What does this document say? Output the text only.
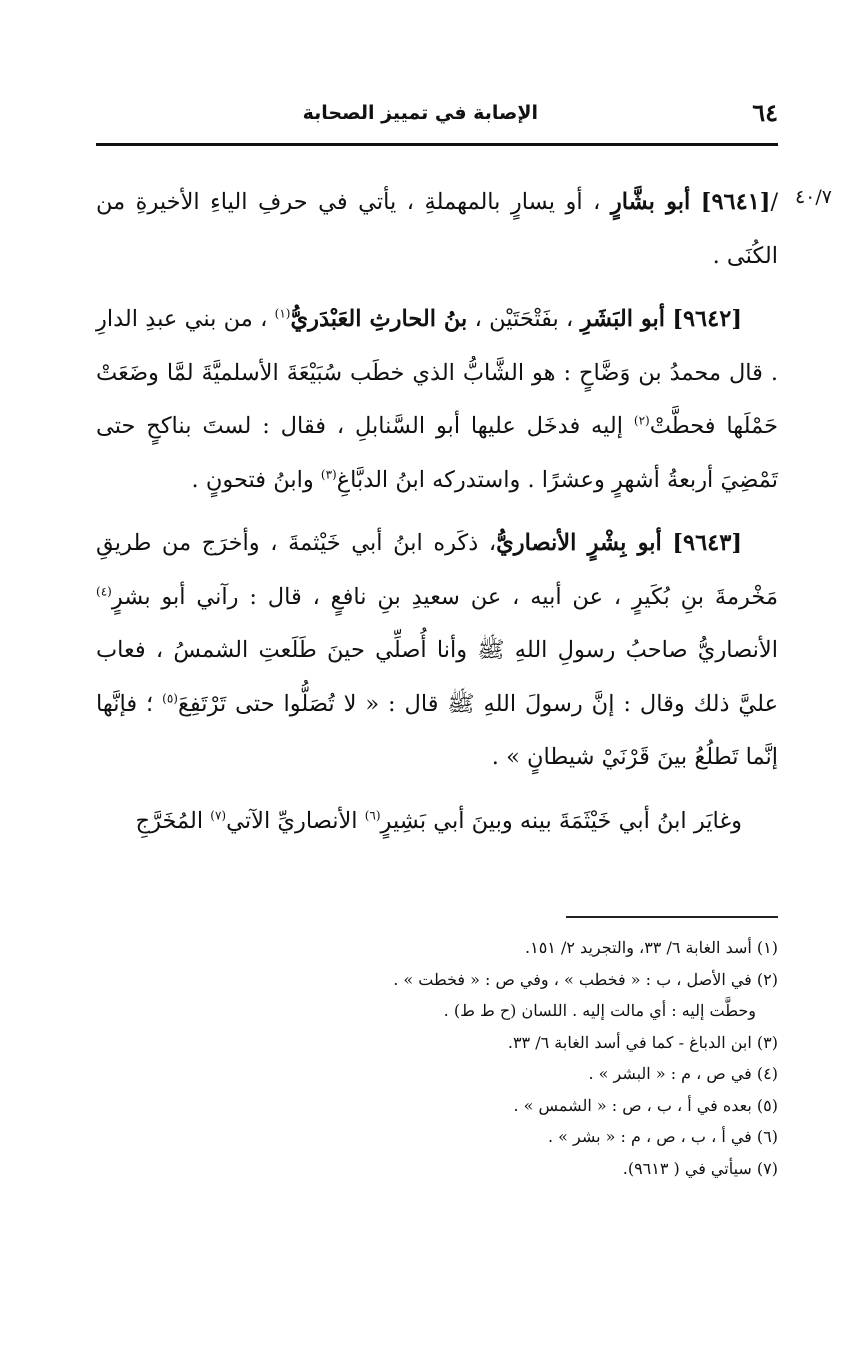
الإصابة في تمييز الصحابة	٦٤
٤٠/٧

/[٩٦٤١] أبو بشَّارٍ ، أو يسارٍ بالمهملةِ ، يأتي في حرفِ الياءِ الأخيرةِ من الكُنَى .

[٩٦٤٢] أبو البَشَرِ ، بفَتْحَتَيْن ، بنُ الحارثِ العَبْدَريُّ$^{(١)}$ ، من بني عبدِ الدارِ . قال محمدُ بن وَضَّاحٍ : هو الشَّابُّ الذي خطَب سُبَيْعَةَ الأسلميَّةَ لمَّا وضَعَتْ حَمْلَها فحطَّتْ$^{(٢)}$ إليه فدخَل عليها أبو السَّنابلِ ، فقال : لستَ بناكحٍ حتى تَمْضِيَ أربعةُ أشهرٍ وعشرًا . واستدركه ابنُ الدبَّاغِ$^{(٣)}$ وابنُ فتحونٍ .

[٩٦٤٣] أبو بِشْرٍ الأنصاريُّ، ذكَره ابنُ أبي خَيْثمةَ ، وأخرَج من طريقِ مَخْرمةَ بنِ بُكَيرٍ ، عن أبيه ، عن سعيدِ بنِ نافعٍ ، قال : رآني أبو بشرٍ$^{(٤)}$ الأنصاريُّ صاحبُ رسولِ اللهِ ﷺ وأنا أُصلِّي حينَ طَلَعتِ الشمسُ ، فعاب عليَّ ذلك وقال : إنَّ رسولَ اللهِ ﷺ قال : « لا تُصَلُّوا حتى تَرْتَفِعَ$^{(٥)}$ ؛ فإنَّها إنَّما تَطلُعُ بينَ قَرْنَيْ شيطانٍ » .

وغايَر ابنُ أبي خَيْثَمَةَ بينه وبينَ أبي بَشِيرٍ$^{(٦)}$ الأنصاريِّ الآتي$^{(٧)}$ المُخَرَّجِ

(١) أسد الغابة ٦/ ٣٣، والتجريد ٢/ ١٥١.
(٢) في الأصل ، ب : « فخطب » ، وفي ص : « فخطت » .
وحطَّت إليه : أي مالت إليه . اللسان (ح ط ط) .
(٣) ابن الدباغ - كما في أسد الغابة ٦/ ٣٣.
(٤) في ص ، م : « البشر » .
(٥) بعده في أ ، ب ، ص : « الشمس » .
(٦) في أ ، ب ، ص ، م : « بشر » .
(٧) سيأتي في ( ٩٦١٣).
